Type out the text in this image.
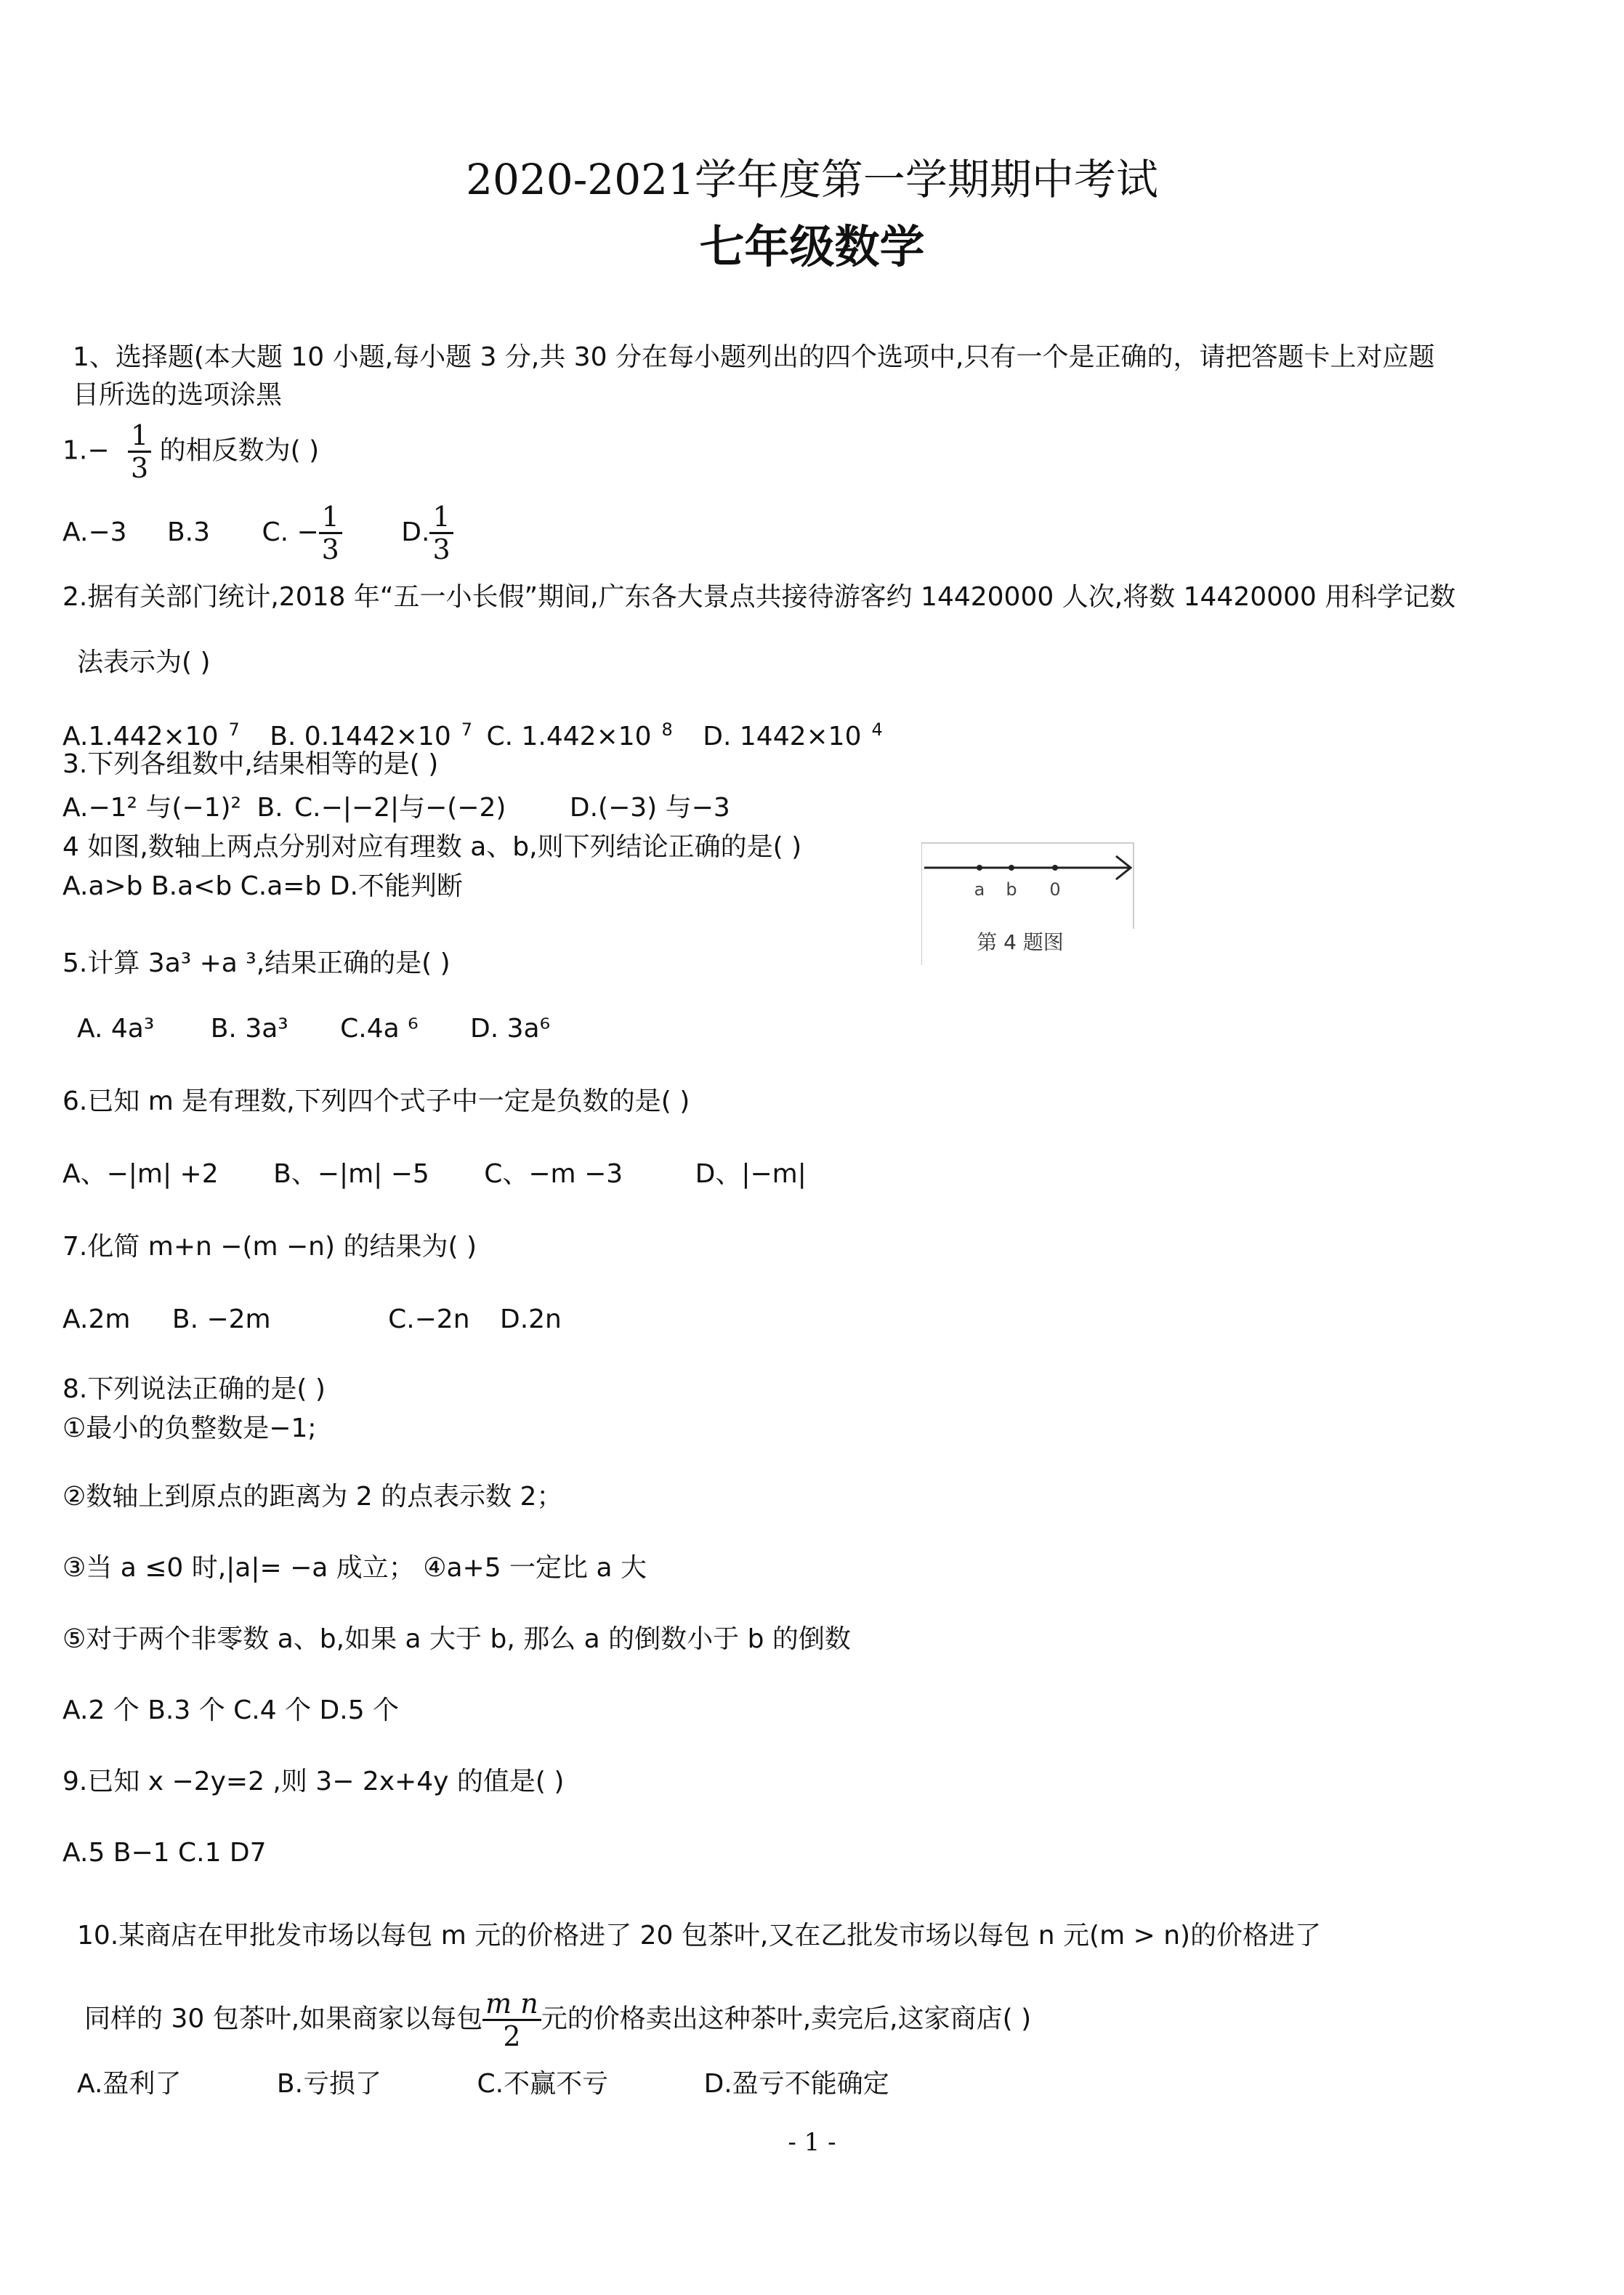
2020-2021学年度第一学期期中考试
七年级数学
1、选择题(本大题 10 小题,每小题 3 分,共 30 分在每小题列出的四个选项中,只有一个是正确的，请把答题卡上对应题
目所选的选项涂黑
$1.- \frac{1}{3}$ 的相反数为( )
A.−3 B.3 C. − $\frac{1}{3} D$. $\frac{1}{3}$
2.据有关部门统计,2018 年“五一小长假”期间,广东各大景点共接待游客约 14420000 人次,将数 14420000 用科学记数
法表示为( )
A.1.442×10 $^7$ B. 0.1442×10 $^7$ C. 1.442×10 $^8$ D. 1442×10 $^4$
3.下列各组数中,结果相等的是( )
A.−1² 与(−1)² B. C.−|−2|与−(−2) D.(−3) 与−3
4 如图,数轴上两点分别对应有理数 a、b,则下列结论正确的是( )
A.a>b B.a<b C.a=b D.不能判断	a b 0
第 4 题图
5.计算 3a³ +a ³,结果正确的是( )
A. 4a³ B. 3a³ C.4a ⁶ D. 3a⁶
6.已知 m 是有理数,下列四个式子中一定是负数的是( )
A、−|m| +2 B、−|m| −5 C、−m −3	D、|−m|
7.化简 m+n −(m −n) 的结果为( )
A.2m B. −2m	C.−2n D.2n
8.下列说法正确的是( )
①最小的负整数是−1;
②数轴上到原点的距离为 2 的点表示数 2；
③当 a ≤0 时,|a|= −a 成立； ④a+5 一定比 a 大
⑤对于两个非零数 a、b,如果 a 大于 b, 那么 a 的倒数小于 b 的倒数
A.2 个 B.3 个 C.4 个 D.5 个
9.已知 x −2y=2 ,则 3− 2x+4y 的值是( )
A.5 B−1 C.1 D7
10.某商店在甲批发市场以每包 m 元的价格进了 20 包茶叶,又在乙批发市场以每包 n 元(m > n)的价格进了
同样的 30 包茶叶,如果商家以每包 $\frac{\text{m n}}{2}$ 元的价格卖出这种茶叶,卖完后,这家商店( )
A.盈利了	B.亏损了	C.不赢不亏	D.盈亏不能确定
- 1 -
